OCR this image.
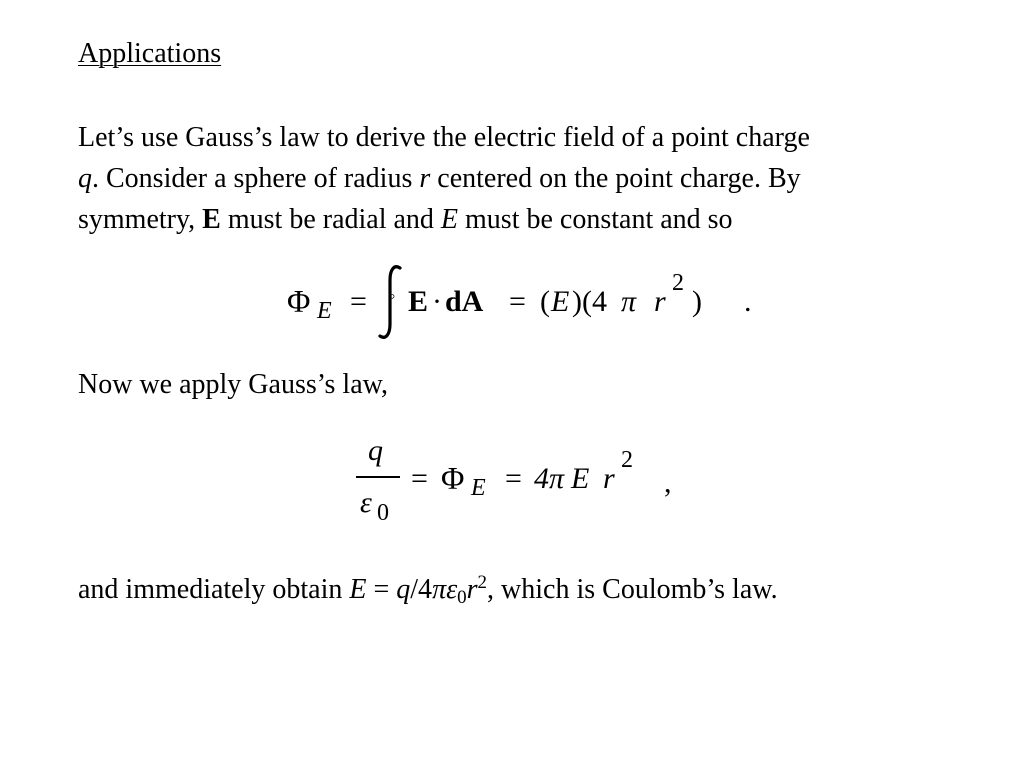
Applications
Let’s use Gauss’s law to derive the electric field of a point charge
q. Consider a sphere of radius r centered on the point charge. By
symmetry, E must be radial and E must be constant and so
Φ E = ◦ E · dA = ( E )(4 π r
2
) .
Now we apply Gauss’s law,
q
ε 0
= Φ E = 4π E r
2
,
and immediately obtain $E = q/4\pi\varepsilon_0r^2$, which is Coulomb’s law.
